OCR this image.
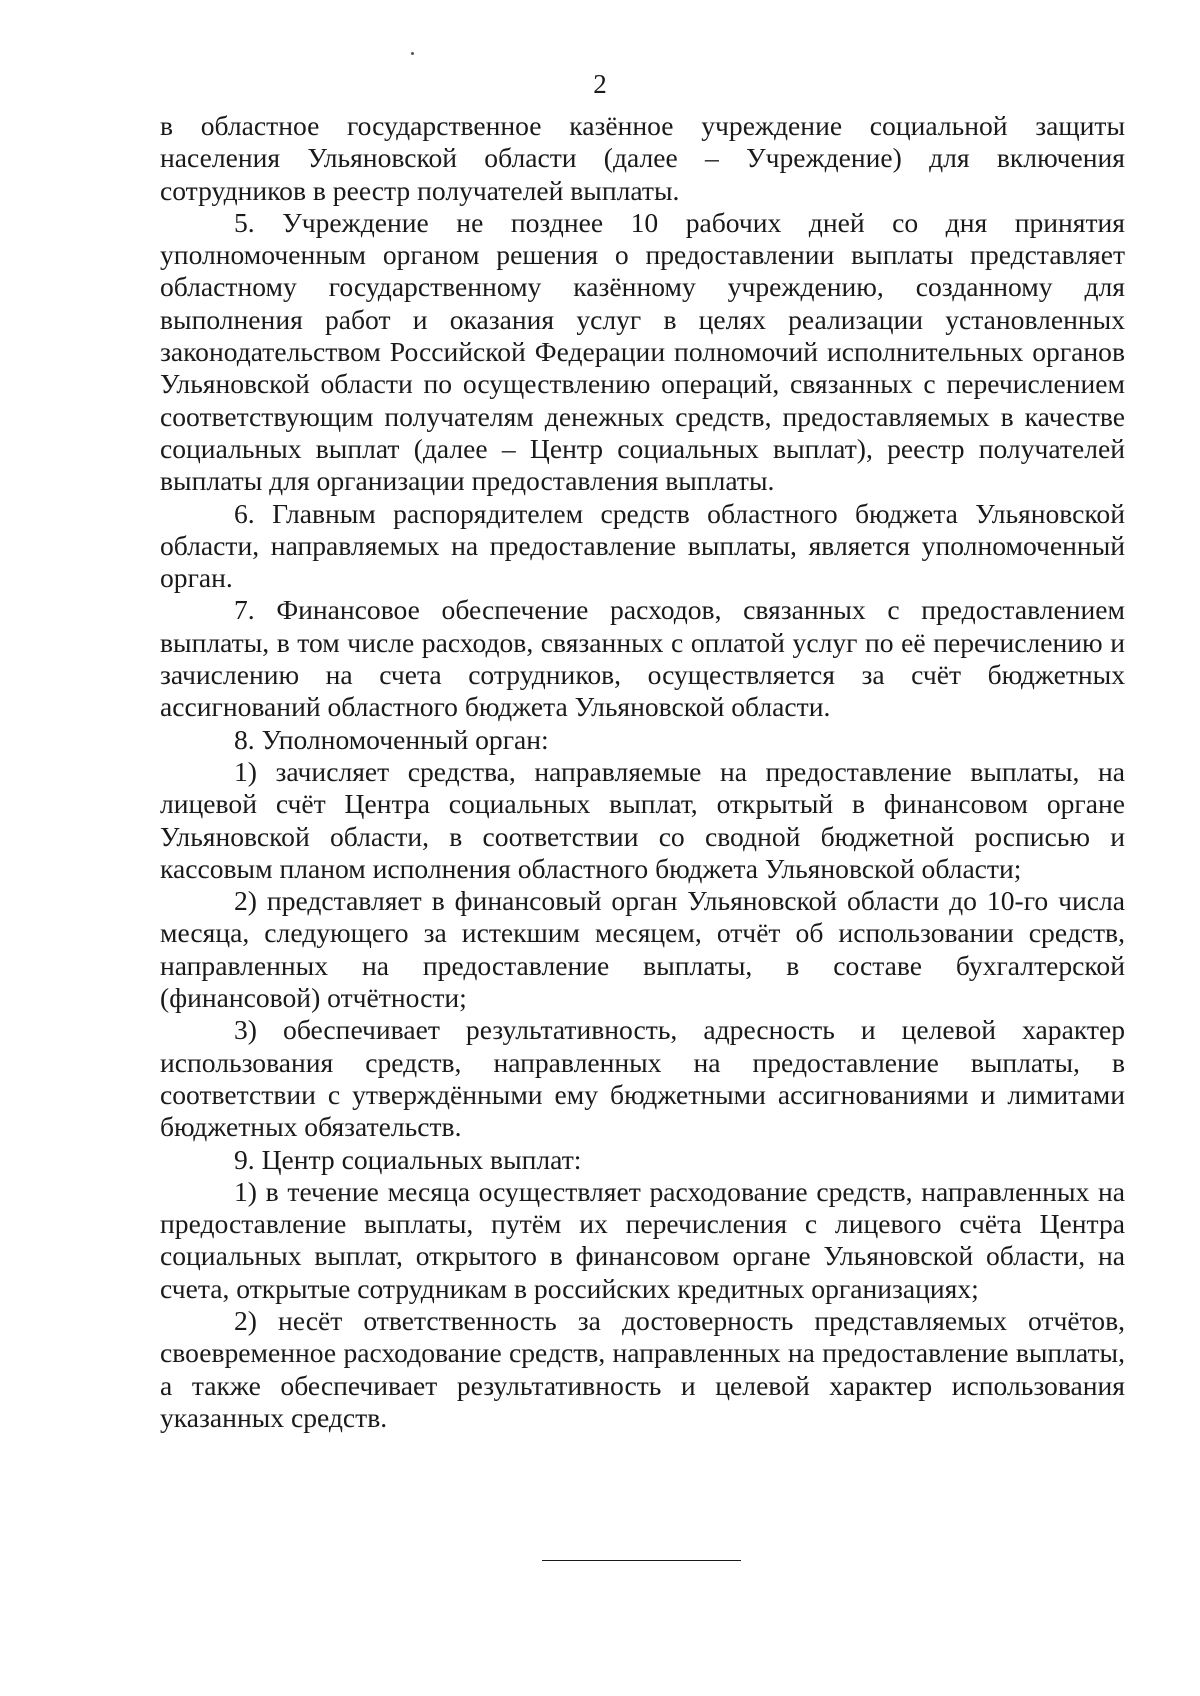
2

в областное государственное казённое учреждение социальной защиты населения Ульяновской области (далее – Учреждение) для включения сотрудников в реестр получателей выплаты.

5. Учреждение не позднее 10 рабочих дней со дня принятия уполномоченным органом решения о предоставлении выплаты представляет областному государственному казённому учреждению, созданному для выполнения работ и оказания услуг в целях реализации установленных законодательством Российской Федерации полномочий исполнительных органов Ульяновской области по осуществлению операций, связанных с перечислением соответствующим получателям денежных средств, предоставляемых в качестве социальных выплат (далее – Центр социальных выплат), реестр получателей выплаты для организации предоставления выплаты.

6. Главным распорядителем средств областного бюджета Ульяновской области, направляемых на предоставление выплаты, является уполномоченный орган.

7. Финансовое обеспечение расходов, связанных с предоставлением выплаты, в том числе расходов, связанных с оплатой услуг по её перечислению и зачислению на счета сотрудников, осуществляется за счёт бюджетных ассигнований областного бюджета Ульяновской области.

8. Уполномоченный орган:

1) зачисляет средства, направляемые на предоставление выплаты, на лицевой счёт Центра социальных выплат, открытый в финансовом органе Ульяновской области, в соответствии со сводной бюджетной росписью и кассовым планом исполнения областного бюджета Ульяновской области;

2) представляет в финансовый орган Ульяновской области до 10-го числа месяца, следующего за истекшим месяцем, отчёт об использовании средств, направленных на предоставление выплаты, в составе бухгалтерской (финансовой) отчётности;

3) обеспечивает результативность, адресность и целевой характер использования средств, направленных на предоставление выплаты, в соответствии с утверждёнными ему бюджетными ассигнованиями и лимитами бюджетных обязательств.

9. Центр социальных выплат:

1) в течение месяца осуществляет расходование средств, направленных на предоставление выплаты, путём их перечисления с лицевого счёта Центра социальных выплат, открытого в финансовом органе Ульяновской области, на счета, открытые сотрудникам в российских кредитных организациях;

2) несёт ответственность за достоверность представляемых отчётов, своевременное расходование средств, направленных на предоставление выплаты, а также обеспечивает результативность и целевой характер использования указанных средств.
